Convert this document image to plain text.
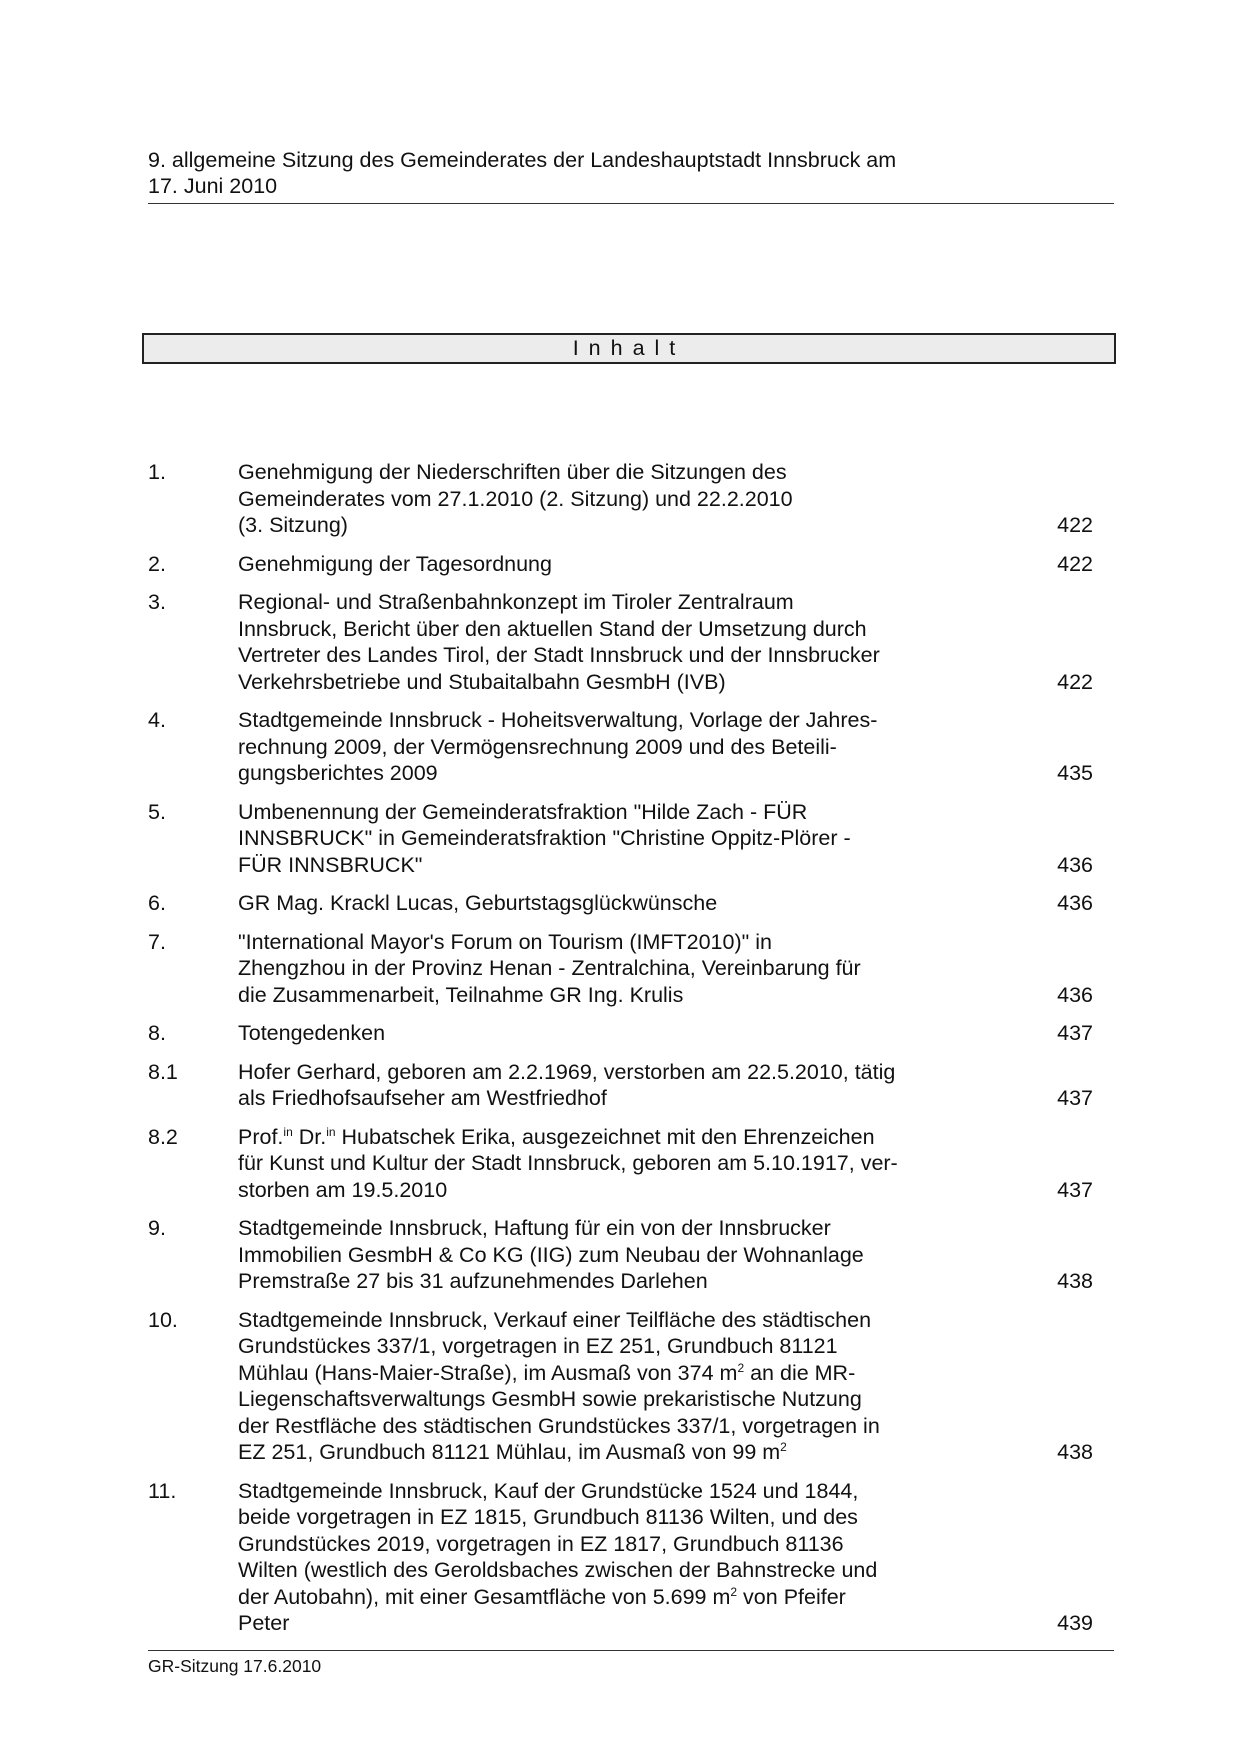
9. allgemeine Sitzung des Gemeinderates der Landeshauptstadt Innsbruck am
17. Juni 2010
Inhalt
1.	Genehmigung der Niederschriften über die Sitzungen des
Gemeinderates vom 27.1.2010 (2. Sitzung) und 22.2.2010
(3. Sitzung)	422
2.	Genehmigung der Tagesordnung	422
3.	Regional- und Straßenbahnkonzept im Tiroler Zentralraum
Innsbruck, Bericht über den aktuellen Stand der Umsetzung durch
Vertreter des Landes Tirol, der Stadt Innsbruck und der Innsbrucker
Verkehrsbetriebe und Stubaitalbahn GesmbH (IVB)	422
4.	Stadtgemeinde Innsbruck - Hoheitsverwaltung, Vorlage der Jahres-
rechnung 2009, der Vermögensrechnung 2009 und des Beteili-
gungsberichtes 2009	435
5.	Umbenennung der Gemeinderatsfraktion "Hilde Zach - FÜR
INNSBRUCK" in Gemeinderatsfraktion "Christine Oppitz-Plörer -
FÜR INNSBRUCK"	436
6.	GR Mag. Krackl Lucas, Geburtstagsglückwünsche	436
7.	"International Mayor's Forum on Tourism (IMFT2010)" in
Zhengzhou in der Provinz Henan - Zentralchina, Vereinbarung für
die Zusammenarbeit, Teilnahme GR Ing. Krulis	436
8.	Totengedenken	437
8.1	Hofer Gerhard, geboren am 2.2.1969, verstorben am 22.5.2010, tätig
als Friedhofsaufseher am Westfriedhof	437
8.2	Prof.$^{in}$ Dr.$^{in}$ Hubatschek Erika, ausgezeichnet mit den Ehrenzeichen
für Kunst und Kultur der Stadt Innsbruck, geboren am 5.10.1917, ver-
storben am 19.5.2010	437
9.	Stadtgemeinde Innsbruck, Haftung für ein von der Innsbrucker
Immobilien GesmbH & Co KG (IIG) zum Neubau der Wohnanlage
Premstraße 27 bis 31 aufzunehmendes Darlehen	438
10.	Stadtgemeinde Innsbruck, Verkauf einer Teilfläche des städtischen
Grundstückes 337/1, vorgetragen in EZ 251, Grundbuch 81121
Mühlau (Hans-Maier-Straße), im Ausmaß von 374 $m^2$ an die MR-
Liegenschaftsverwaltungs GesmbH sowie prekaristische Nutzung
der Restfläche des städtischen Grundstückes 337/1, vorgetragen in
EZ 251, Grundbuch 81121 Mühlau, im Ausmaß von 99 $m^2$	438
11.	Stadtgemeinde Innsbruck, Kauf der Grundstücke 1524 und 1844,
beide vorgetragen in EZ 1815, Grundbuch 81136 Wilten, und des
Grundstückes 2019, vorgetragen in EZ 1817, Grundbuch 81136
Wilten (westlich des Geroldsbaches zwischen der Bahnstrecke und
der Autobahn), mit einer Gesamtfläche von 5.699 $m^2$ von Pfeifer
Peter	439
GR-Sitzung 17.6.2010
